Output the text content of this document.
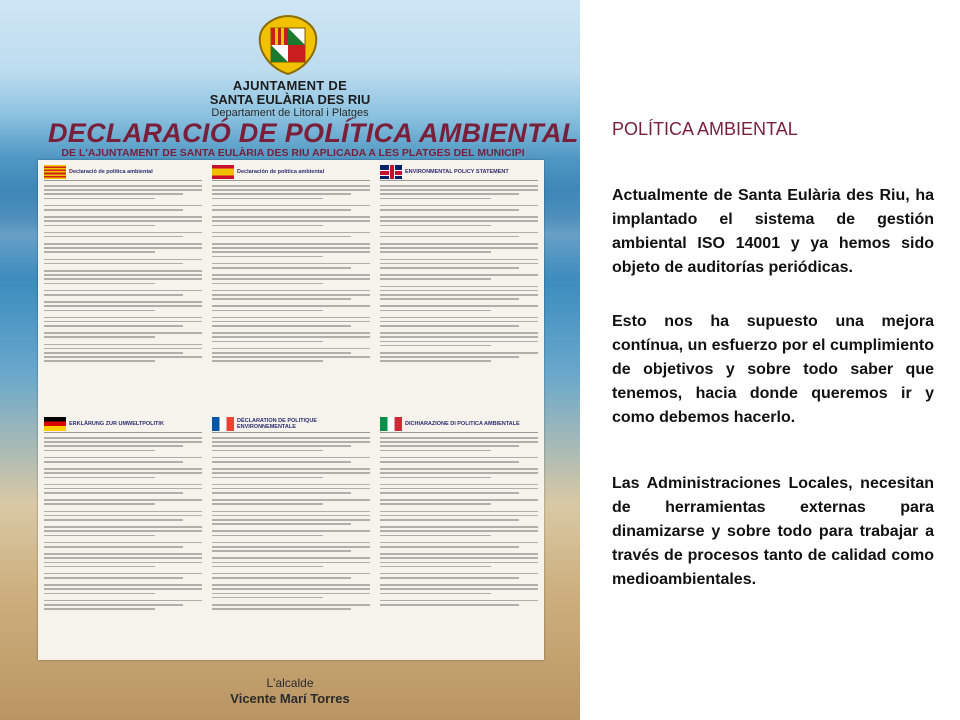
AJUNTAMENT DE
SANTA EULÀRIA DES RIU
Departament de Litoral i Platges
DECLARACIÓ DE POLÍTICA AMBIENTAL
DE L'AJUNTAMENT DE SANTA EULÀRIA DES RIU APLICADA A LES PLATGES DEL MUNICIPI
Declaració de política ambiental	Declaración de política ambiental	ENVIRONMENTAL POLICY STATEMENT
ERKLÄRUNG ZUR UMWELTPOLITIK	DÉCLARATION DE POLITIQUE ENVIRONNEMENTALE	DICHIARAZIONE DI POLITICA AMBIENTALE
L'alcalde
Vicente Marí Torres
POLÍTICA AMBIENTAL
Actualmente de Santa Eulària des Riu, ha implantado el sistema de gestión ambiental ISO 14001 y ya hemos sido objeto de auditorías periódicas.
Esto nos ha supuesto una mejora contínua, un esfuerzo por el cumplimiento de objetivos y sobre todo saber que tenemos, hacia donde queremos ir y como debemos hacerlo.
Las Administraciones Locales, necesitan de herramientas externas para dinamizarse y sobre todo para trabajar a través de procesos tanto de calidad como medioambientales.
